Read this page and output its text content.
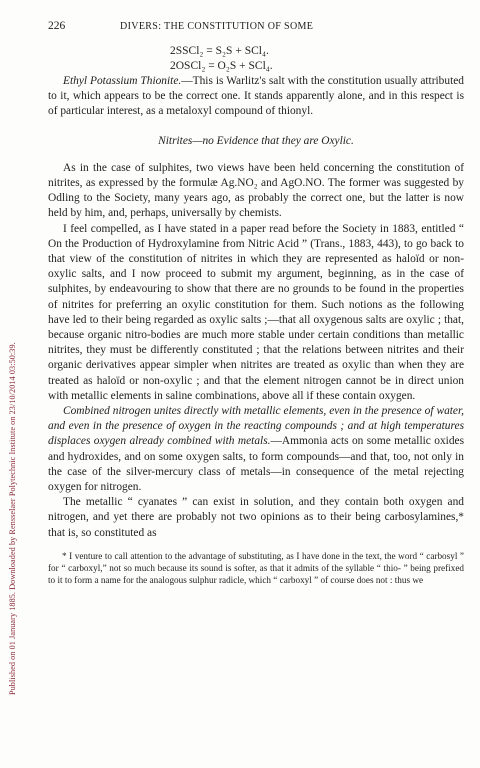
Published on 01 January 1885. Downloaded by Rensselaer Polytechnic Institute on 23/10/2014 03:50:39.
226	DIVERS: THE CONSTITUTION OF SOME
2SSCl₂ = S₂S + SCl₄.
2OSCl₂ = O₂S + SCl₄.

Ethyl Potassium Thionite.—This is Warlitz's salt with the constitution usually attributed to it, which appears to be the correct one. It stands apparently alone, and in this respect is of particular interest, as a metaloxyl compound of thionyl.

Nitrites—no Evidence that they are Oxylic.

As in the case of sulphites, two views have been held concerning the constitution of nitrites, as expressed by the formulæ Ag.NO₂ and AgO.NO. The former was suggested by Odling to the Society, many years ago, as probably the correct one, but the latter is now held by him, and, perhaps, universally by chemists.

I feel compelled, as I have stated in a paper read before the Society in 1883, entitled “ On the Production of Hydroxylamine from Nitric Acid ” (Trans., 1883, 443), to go back to that view of the constitution of nitrites in which they are represented as haloïd or non-oxylic salts, and I now proceed to submit my argument, beginning, as in the case of sulphites, by endeavouring to show that there are no grounds to be found in the properties of nitrites for preferring an oxylic constitution for them. Such notions as the following have led to their being regarded as oxylic salts ;—that all oxygenous salts are oxylic ; that, because organic nitro-bodies are much more stable under certain conditions than metallic nitrites, they must be differently constituted ; that the relations between nitrites and their organic derivatives appear simpler when nitrites are treated as oxylic than when they are treated as haloïd or non-oxylic ; and that the element nitrogen cannot be in direct union with metallic elements in saline combinations, above all if these contain oxygen.

Combined nitrogen unites directly with metallic elements, even in the presence of water, and even in the presence of oxygen in the reacting compounds ; and at high temperatures displaces oxygen already combined with metals.—Ammonia acts on some metallic oxides and hydroxides, and on some oxygen salts, to form compounds—and that, too, not only in the case of the silver-mercury class of metals—in consequence of the metal rejecting oxygen for nitrogen.

The metallic “ cyanates ” can exist in solution, and they contain both oxygen and nitrogen, and yet there are probably not two opinions as to their being carbosylamines,* that is, so constituted as

* I venture to call attention to the advantage of substituting, as I have done in the text, the word “ carbosyl ” for “ carboxyl,” not so much because its sound is softer, as that it admits of the syllable “ thio- ” being prefixed to it to form a name for the analogous sulphur radicle, which “ carboxyl ” of course does not : thus we
